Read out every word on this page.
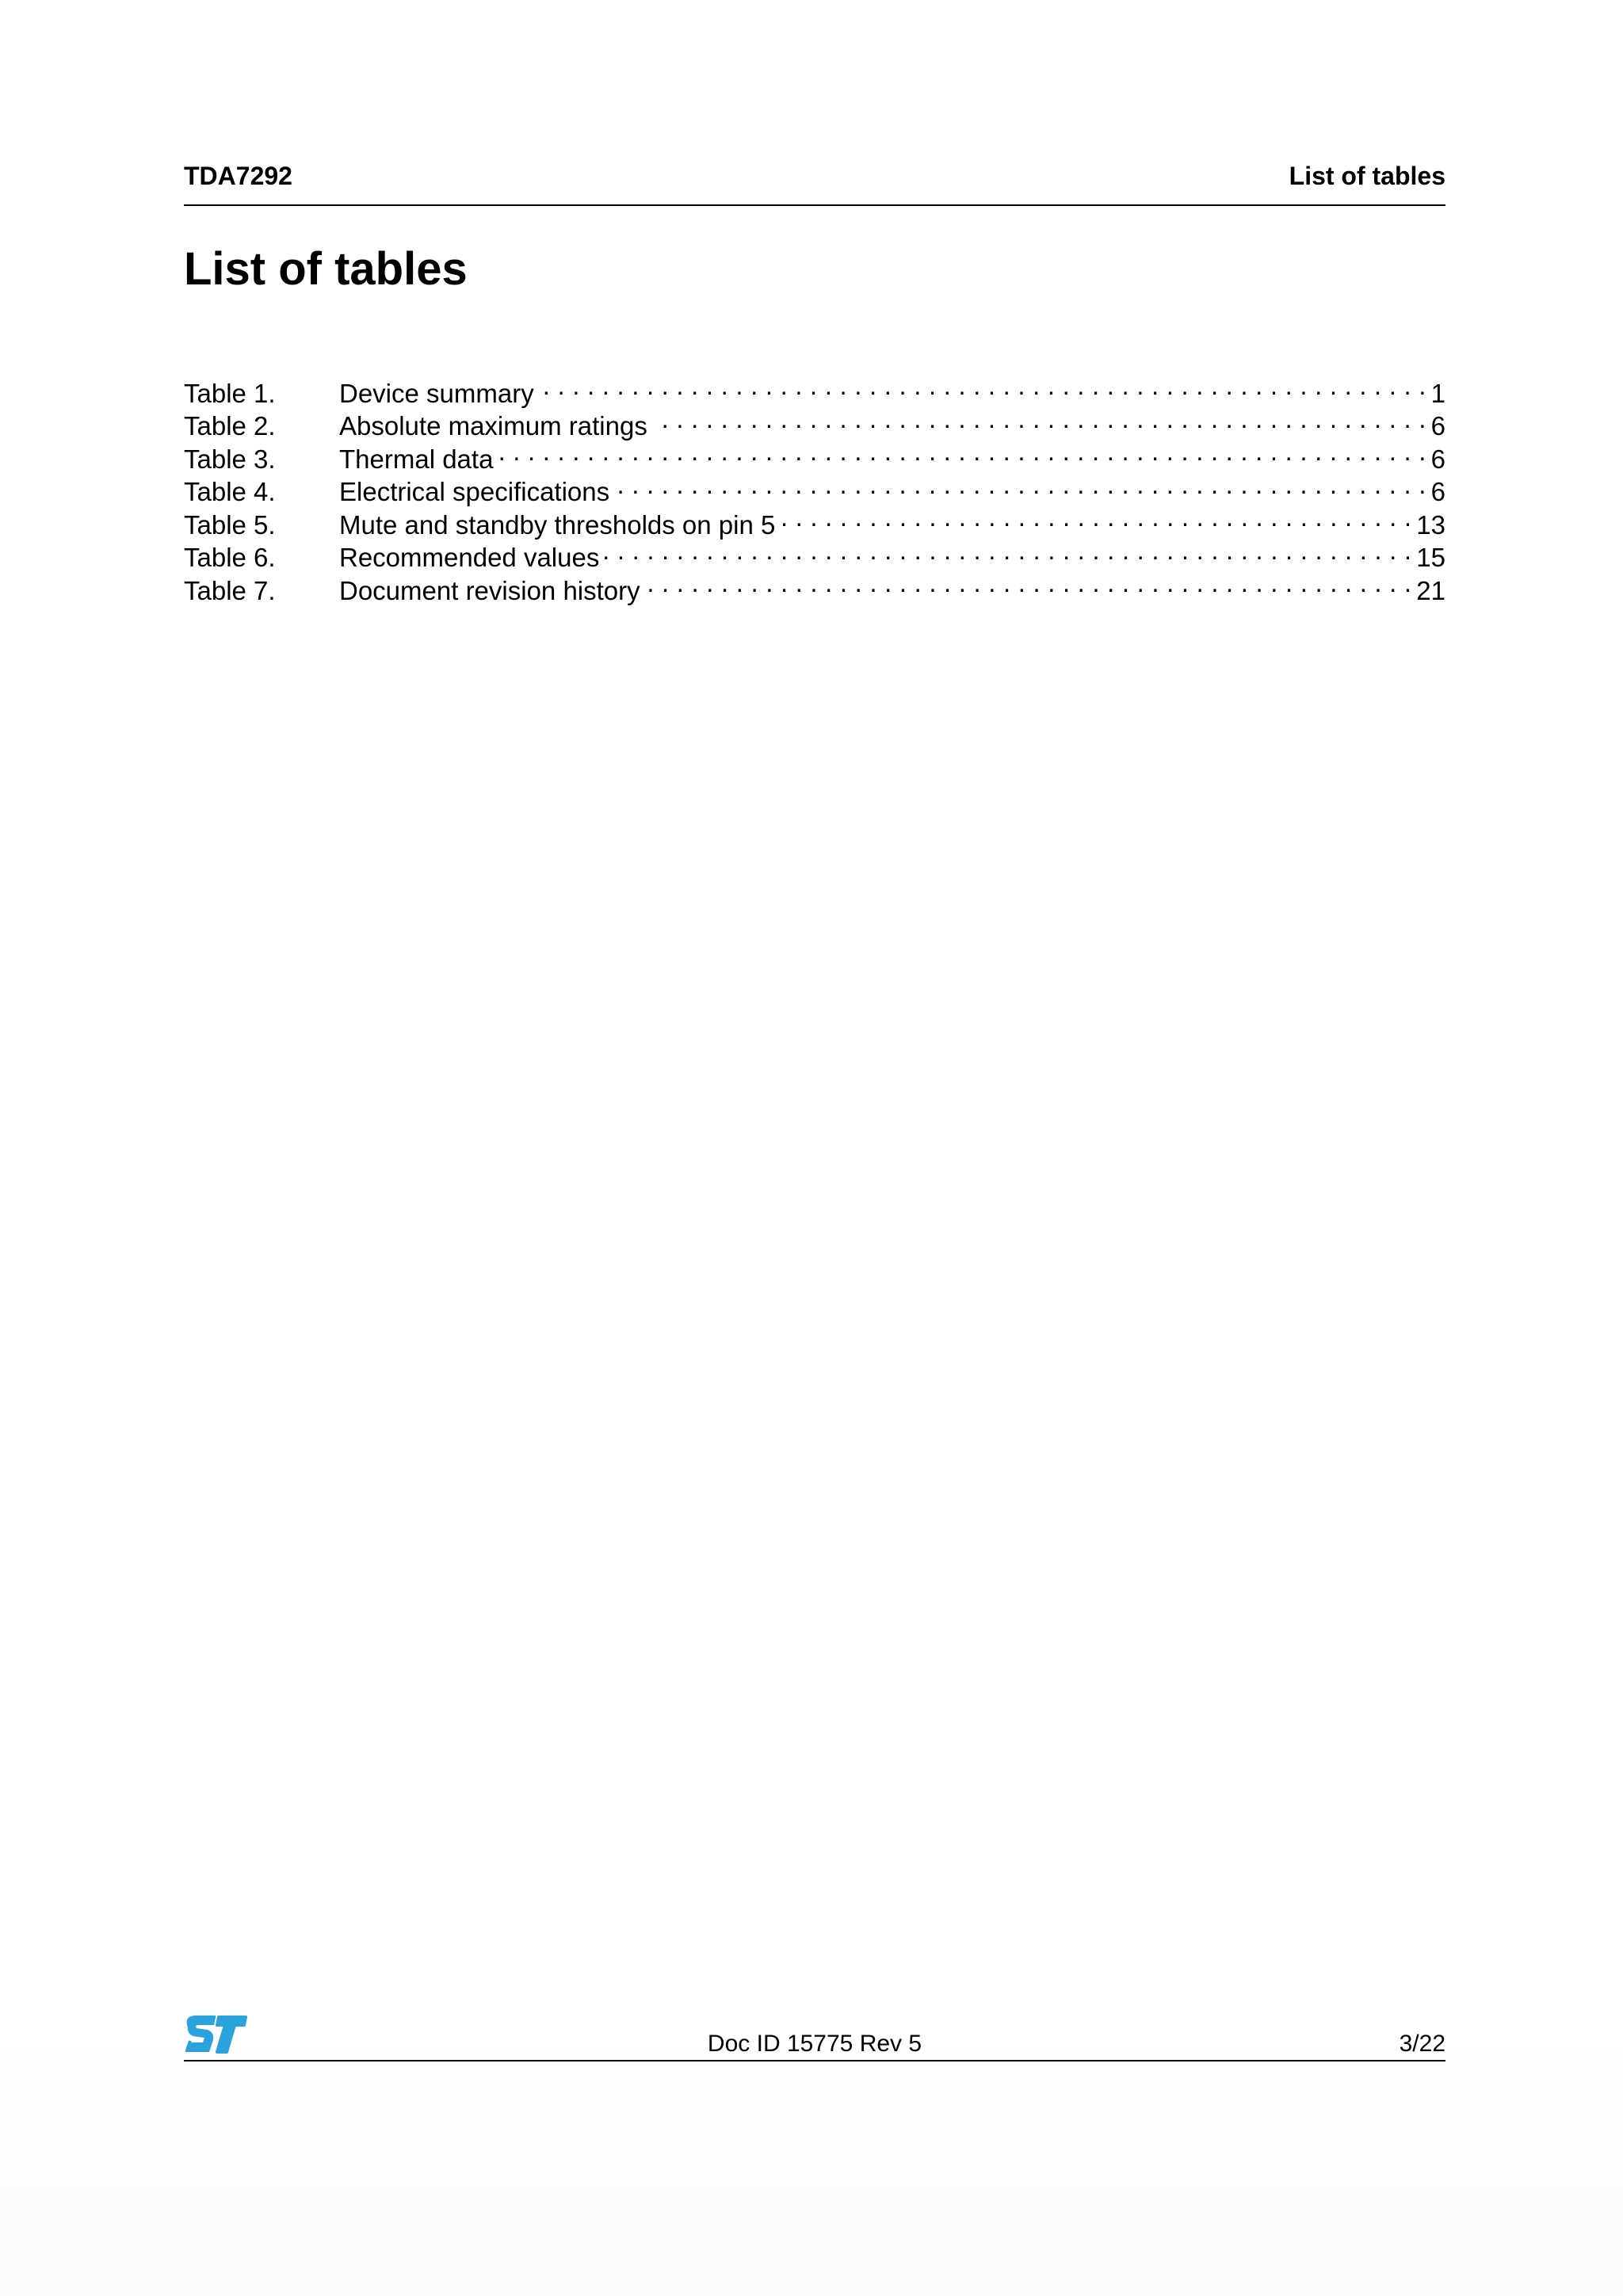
TDA7292	List of tables
List of tables
Table 1.	Device summary . . .	1
Table 2.	Absolute maximum ratings . . .	6
Table 3.	Thermal data . . .	6
Table 4.	Electrical specifications . . .	6
Table 5.	Mute and standby thresholds on pin 5 . . .	13
Table 6.	Recommended values . . .	15
Table 7.	Document revision history . . .	21
Doc ID 15775 Rev 5	3/22
